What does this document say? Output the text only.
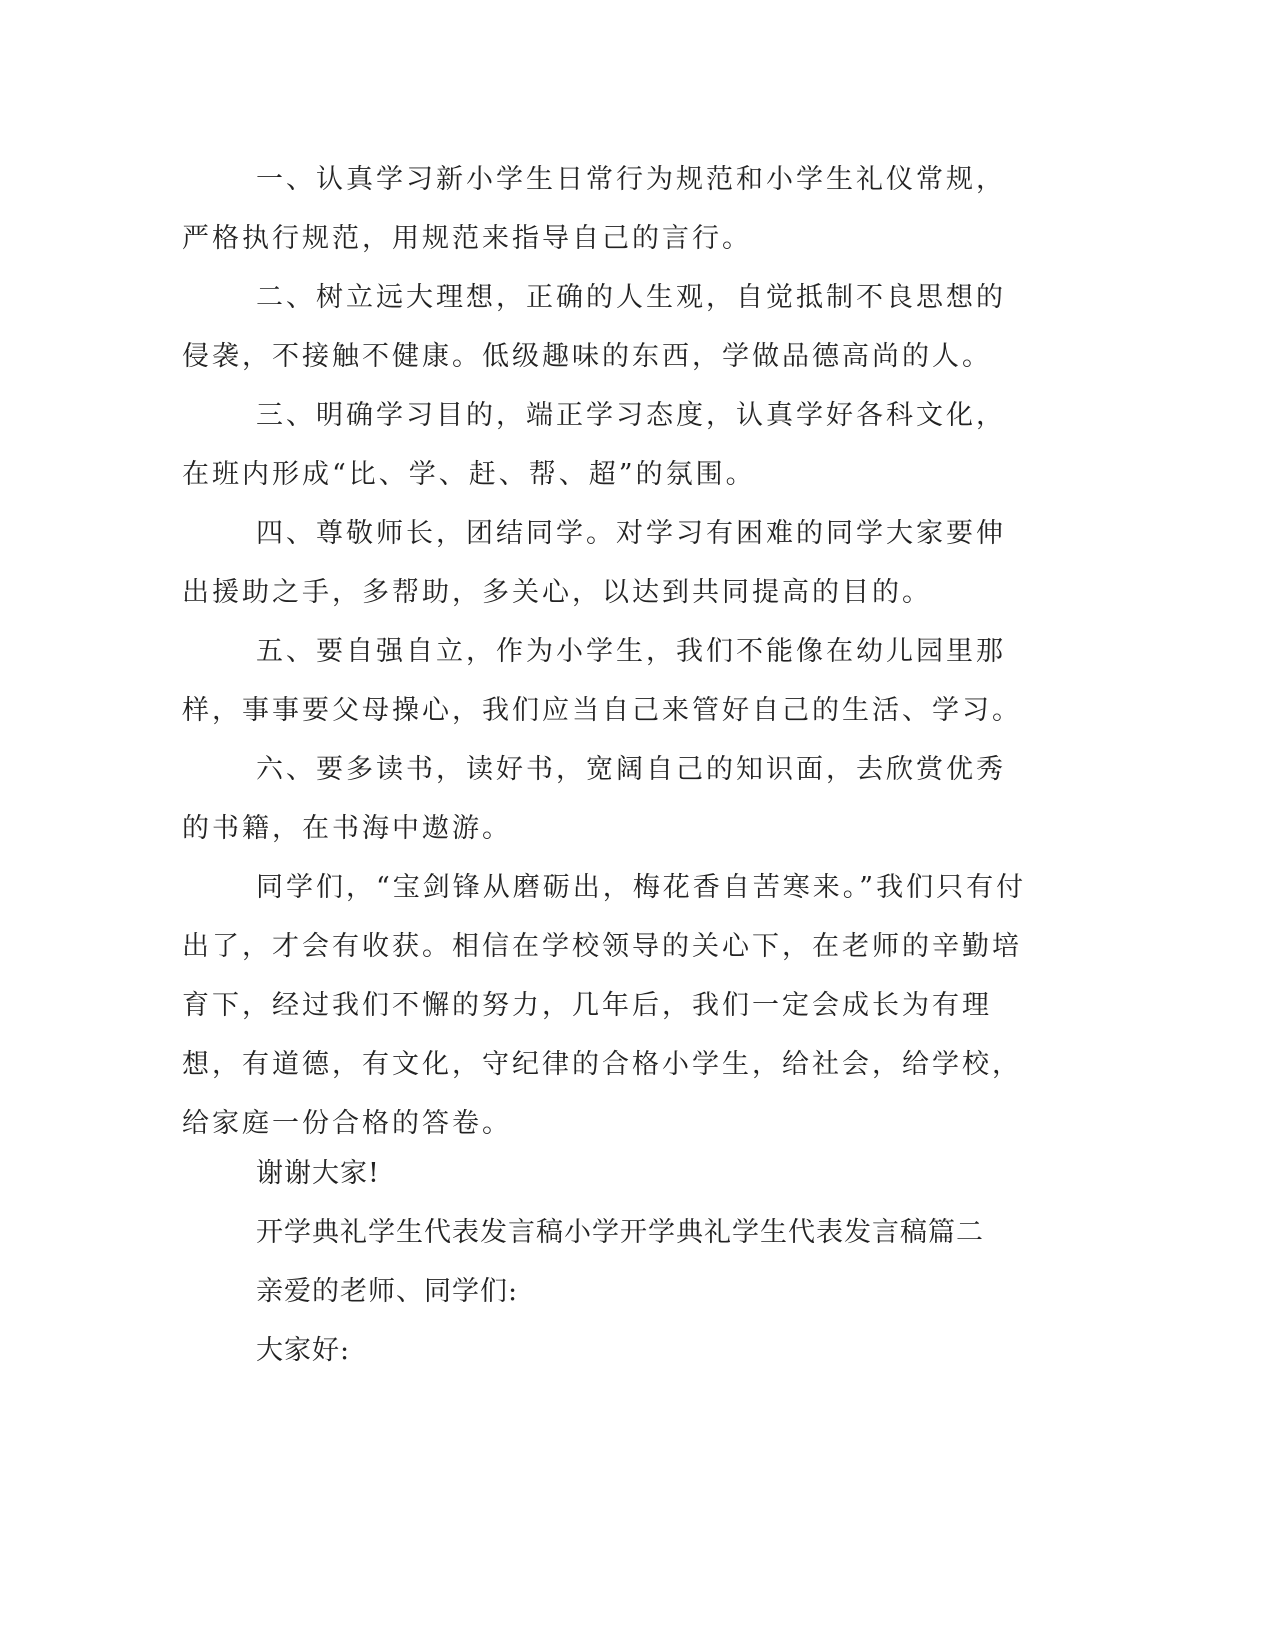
一、认真学习新小学生日常行为规范和小学生礼仪常规，严格执行规范，用规范来指导自己的言行。

二、树立远大理想，正确的人生观，自觉抵制不良思想的侵袭，不接触不健康。低级趣味的东西，学做品德高尚的人。

三、明确学习目的，端正学习态度，认真学好各科文化，在班内形成“比、学、赶、帮、超”的氛围。

四、尊敬师长，团结同学。对学习有困难的同学大家要伸出援助之手，多帮助，多关心，以达到共同提高的目的。

五、要自强自立，作为小学生，我们不能像在幼儿园里那样，事事要父母操心，我们应当自己来管好自己的生活、学习。

六、要多读书，读好书，宽阔自己的知识面，去欣赏优秀的书籍，在书海中遨游。

同学们，“宝剑锋从磨砺出，梅花香自苦寒来。”我们只有付出了，才会有收获。相信在学校领导的关心下，在老师的辛勤培育下，经过我们不懈的努力，几年后，我们一定会成长为有理想，有道德，有文化，守纪律的合格小学生，给社会，给学校，给家庭一份合格的答卷。

谢谢大家!

开学典礼学生代表发言稿小学开学典礼学生代表发言稿篇二

亲爱的老师、同学们:

大家好:
